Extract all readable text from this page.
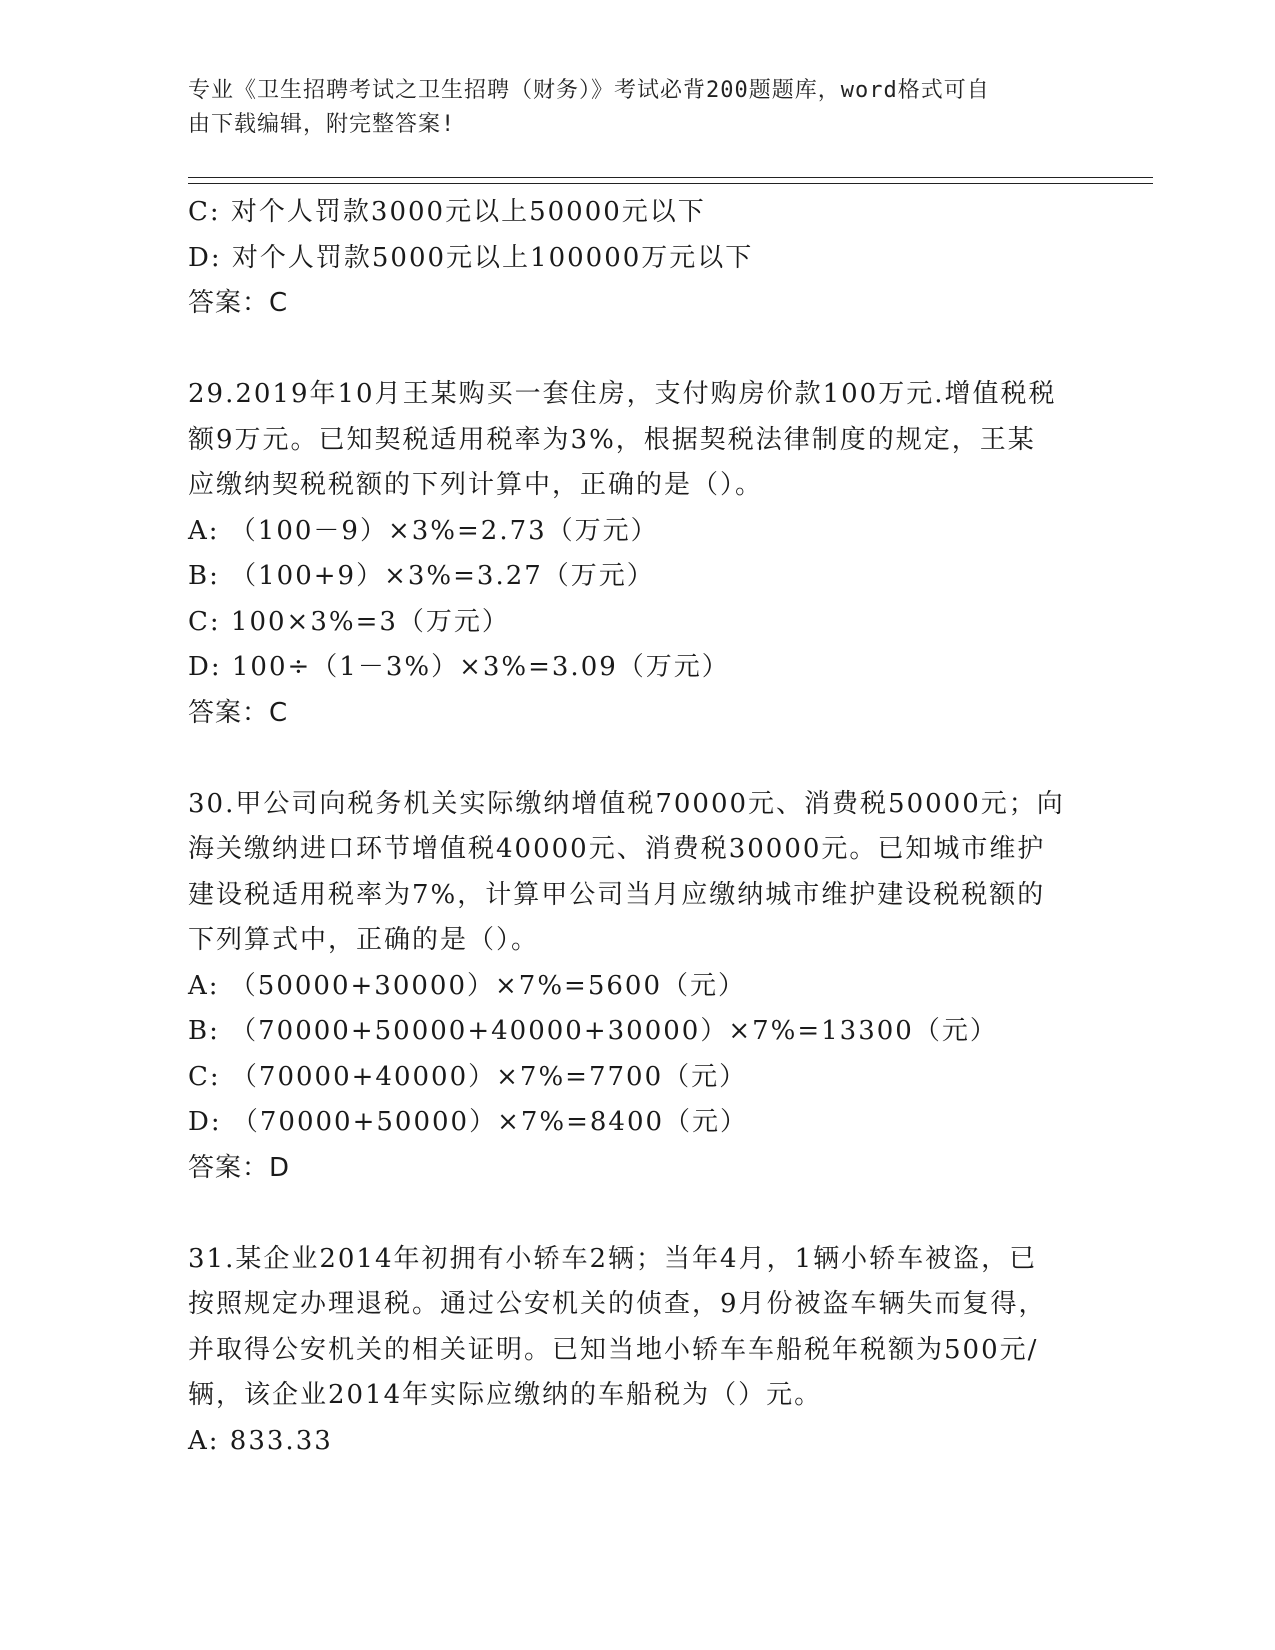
专业《卫生招聘考试之卫生招聘（财务）》考试必背200题题库，word格式可自
由下载编辑，附完整答案!
C: 对个人罚款3000元以上50000元以下
D: 对个人罚款5000元以上100000万元以下
答案：C
29.2019年10月王某购买一套住房，支付购房价款100万元.增值税税
额9万元。已知契税适用税率为3%，根据契税法律制度的规定，王某
应缴纳契税税额的下列计算中，正确的是（）。
A: （100－9）×3%=2.73（万元）
B: （100+9）×3%=3.27（万元）
C: 100×3%=3（万元）
D: 100÷（1－3%）×3%=3.09（万元）
答案：C
30.甲公司向税务机关实际缴纳增值税70000元、消费税50000元；向
海关缴纳进口环节增值税40000元、消费税30000元。已知城市维护
建设税适用税率为7%，计算甲公司当月应缴纳城市维护建设税税额的
下列算式中，正确的是（）。
A: （50000+30000）×7%=5600（元）
B: （70000+50000+40000+30000）×7%=13300（元）
C: （70000+40000）×7%=7700（元）
D: （70000+50000）×7%=8400（元）
答案：D
31.某企业2014年初拥有小轿车2辆；当年4月，1辆小轿车被盗，已
按照规定办理退税。通过公安机关的侦查，9月份被盗车辆失而复得，
并取得公安机关的相关证明。已知当地小轿车车船税年税额为500元/
辆，该企业2014年实际应缴纳的车船税为（）元。
A: 833.33
